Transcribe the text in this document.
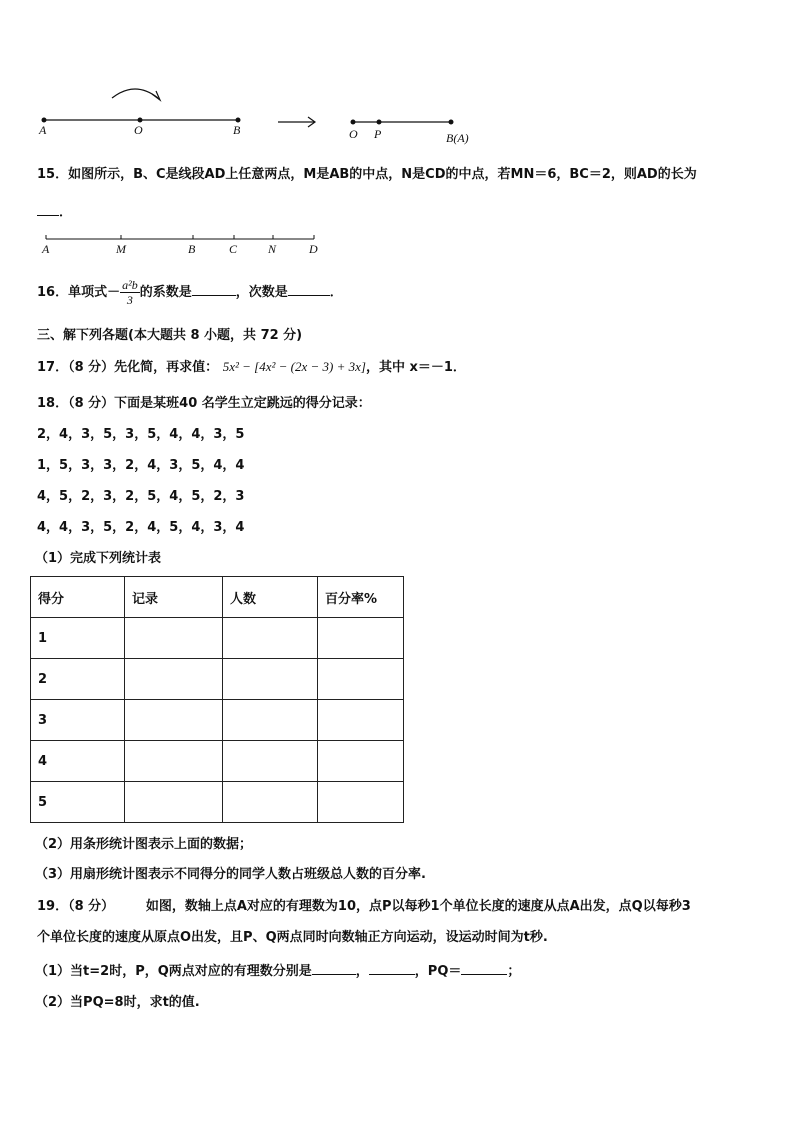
A	O	B	O P	B(A)
15．如图所示，B、C是线段AD上任意两点，M是AB的中点，N是CD的中点，若MN＝6，BC＝2，则AD的长为
．
A	M	B	C	N	D
16．单项式－ $\frac{\text{a²b}}{3}$ 的系数是	，次数是	．
三、解下列各题(本大题共 8 小题，共 72 分)
17．（8 分）先化简，再求值： 5x² − [4x² − (2x − 3) + 3x]，其中 x＝－1．
18．（8 分）下面是某班40 名学生立定跳远的得分记录：
2，4，3，5，3，5，4，4，3，5
1，5，3，3，2，4，3，5，4，4
4，5，2，3，2，5，4，5，2，3
4，4，3，5，2，4，5，4，3，4
（1）完成下列统计表
得分	记录	人数	百分率%
1			
2			
3			
4			
5			
（2）用条形统计图表示上面的数据；
（3）用扇形统计图表示不同得分的同学人数占班级总人数的百分率.
19．（8 分） 如图，数轴上点A对应的有理数为10，点P以每秒1个单位长度的速度从点A出发，点Q以每秒3
个单位长度的速度从原点O出发，且P、Q两点同时向数轴正方向运动，设运动时间为t秒.
（1）当t=2时，P，Q两点对应的有理数分别是	，	，PQ＝	；
（2）当PQ=8时，求t的值.
